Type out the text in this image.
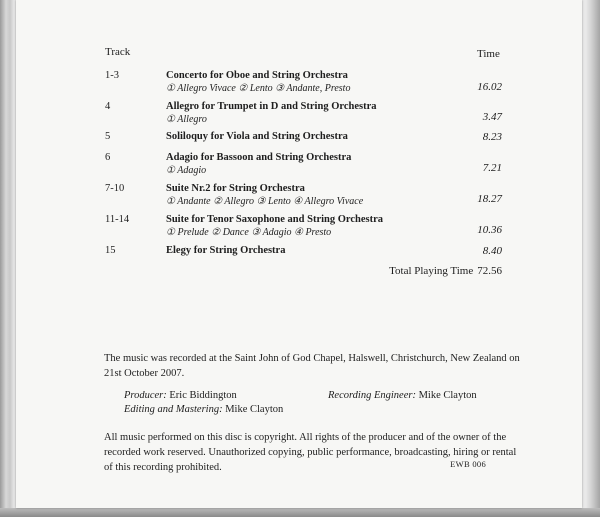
Track	Time
1-3	Concerto for Oboe and String Orchestra
① Allegro Vivace ② Lento ③ Andante, Presto	16.02
4	Allegro for Trumpet in D and String Orchestra
① Allegro	3.47
5	Soliloquy for Viola and String Orchestra	8.23
6	Adagio for Bassoon and String Orchestra
① Adagio	7.21
7-10	Suite Nr.2 for String Orchestra
① Andante ② Allegro ③ Lento ④ Allegro Vivace	18.27
11-14	Suite for Tenor Saxophone and String Orchestra
① Prelude ② Dance ③ Adagio ④ Presto	10.36
15	Elegy for String Orchestra	8.40
Total Playing Time 72.56
The music was recorded at the Saint John of God Chapel, Halswell, Christchurch, New Zealand on 21st October 2007.
Producer: Eric Biddington	Recording Engineer: Mike Clayton
Editing and Mastering: Mike Clayton
All music performed on this disc is copyright. All rights of the producer and of the owner of the recorded work reserved. Unauthorized copying, public performance, broadcasting, hiring or rental of this recording prohibited.	EWB 006
